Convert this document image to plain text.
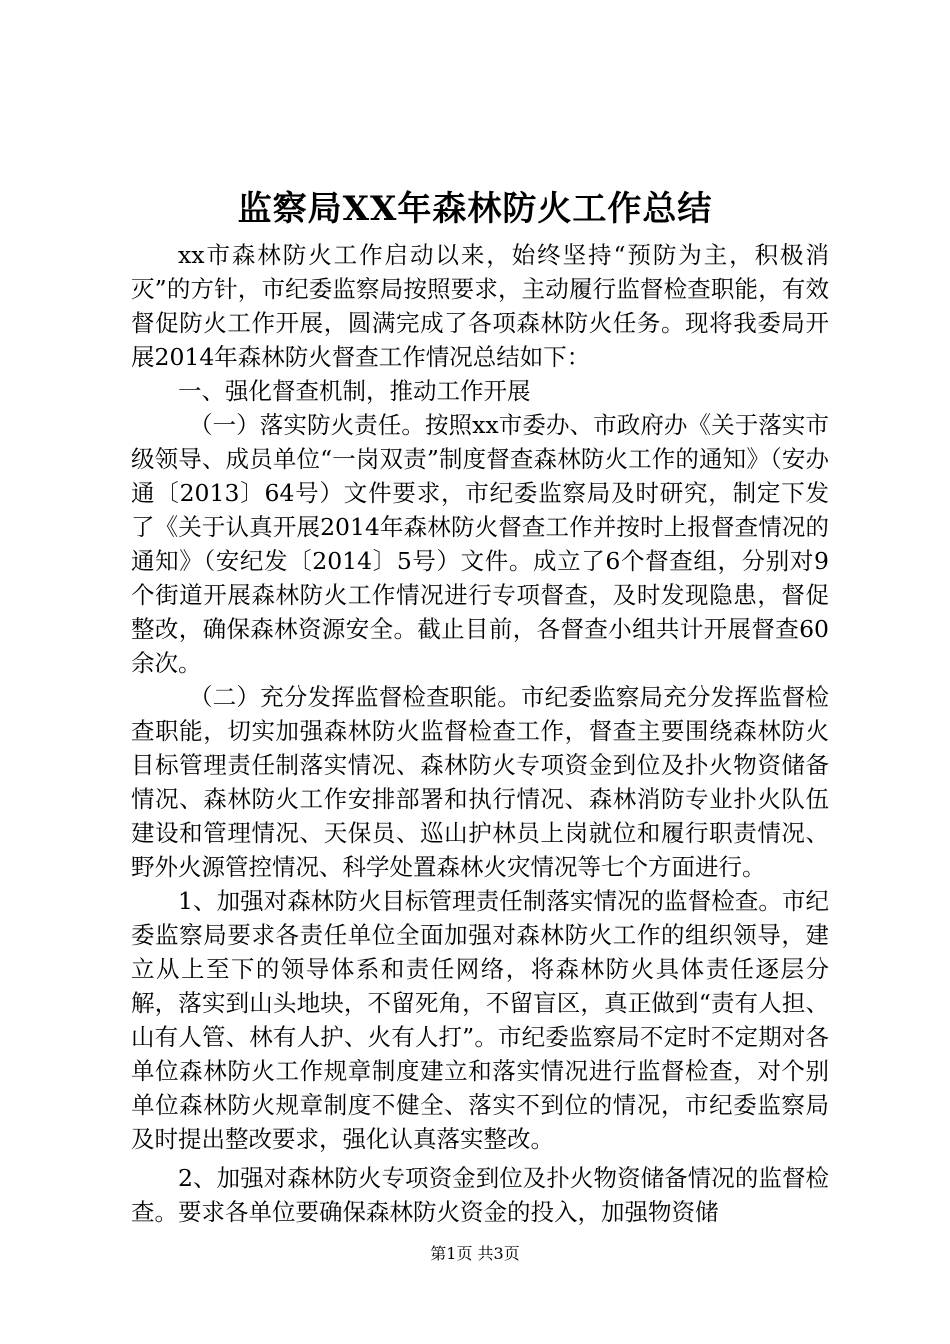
监察局XX年森林防火工作总结

xx市森林防火工作启动以来，始终坚持“预防为主，积极消灭”的方针，市纪委监察局按照要求，主动履行监督检查职能，有效督促防火工作开展，圆满完成了各项森林防火任务。现将我委局开展2014年森林防火督查工作情况总结如下：

一、强化督查机制，推动工作开展

（一）落实防火责任。按照xx市委办、市政府办《关于落实市级领导、成员单位“一岗双责”制度督查森林防火工作的通知》（安办通〔2013〕64号）文件要求，市纪委监察局及时研究，制定下发了《关于认真开展2014年森林防火督查工作并按时上报督查情况的通知》（安纪发〔2014〕5号）文件。成立了6个督查组，分别对9个街道开展森林防火工作情况进行专项督查，及时发现隐患，督促整改，确保森林资源安全。截止目前，各督查小组共计开展督查60余次。

（二）充分发挥监督检查职能。市纪委监察局充分发挥监督检查职能，切实加强森林防火监督检查工作，督查主要围绕森林防火目标管理责任制落实情况、森林防火专项资金到位及扑火物资储备情况、森林防火工作安排部署和执行情况、森林消防专业扑火队伍建设和管理情况、天保员、巡山护林员上岗就位和履行职责情况、野外火源管控情况、科学处置森林火灾情况等七个方面进行。

1、加强对森林防火目标管理责任制落实情况的监督检查。市纪委监察局要求各责任单位全面加强对森林防火工作的组织领导，建立从上至下的领导体系和责任网络，将森林防火具体责任逐层分解，落实到山头地块，不留死角，不留盲区，真正做到“责有人担、山有人管、林有人护、火有人打”。市纪委监察局不定时不定期对各单位森林防火工作规章制度建立和落实情况进行监督检查，对个别单位森林防火规章制度不健全、落实不到位的情况，市纪委监察局及时提出整改要求，强化认真落实整改。

2、加强对森林防火专项资金到位及扑火物资储备情况的监督检查。要求各单位要确保森林防火资金的投入，加强物资储

第1页 共3页
